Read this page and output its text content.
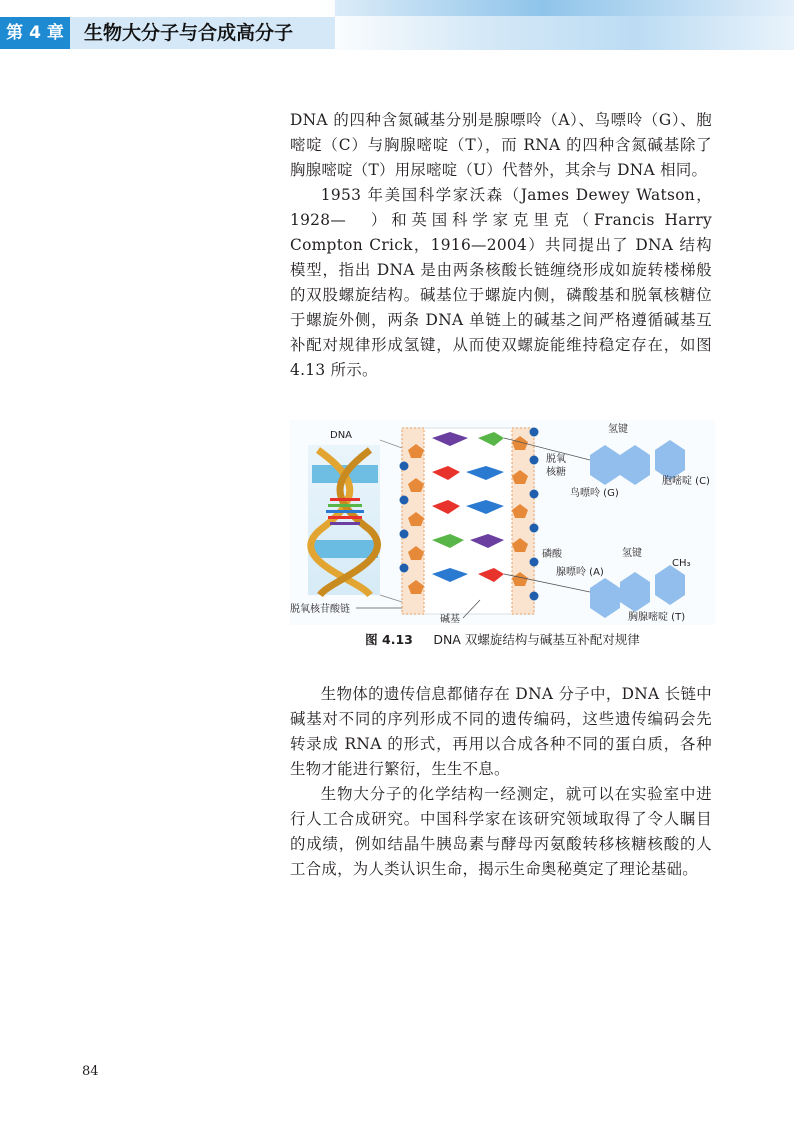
第 4 章	生物大分子与合成高分子

DNA 的四种含氮碱基分别是腺嘌呤（A）、鸟嘌呤（G）、胞嘧啶（C）与胸腺嘧啶（T），而 RNA 的四种含氮碱基除了胸腺嘧啶（T）用尿嘧啶（U）代替外，其余与 DNA 相同。

1953 年美国科学家沃森（James Dewey Watson，1928—　）和英国科学家克里克（Francis Harry Compton Crick，1916—2004）共同提出了 DNA 结构模型，指出 DNA 是由两条核酸长链缠绕形成如旋转楼梯般的双股螺旋结构。碱基位于螺旋内侧，磷酸基和脱氧核糖位于螺旋外侧，两条 DNA 单链上的碱基之间严格遵循碱基互补配对规律形成氢键，从而使双螺旋能维持稳定存在，如图 4.13 所示。

DNA
脱氧
核糖
磷酸
脱氧核苷酸链
碱基
氢键
鸟嘌呤 (G)
胞嘧啶 (C)
氢键
腺嘌呤 (A)
CH₃
胸腺嘧啶 (T)
图 4.13 　 DNA 双螺旋结构与碱基互补配对规律

生物体的遗传信息都储存在 DNA 分子中，DNA 长链中碱基对不同的序列形成不同的遗传编码，这些遗传编码会先转录成 RNA 的形式，再用以合成各种不同的蛋白质，各种生物才能进行繁衍，生生不息。

生物大分子的化学结构一经测定，就可以在实验室中进行人工合成研究。中国科学家在该研究领域取得了令人瞩目的成绩，例如结晶牛胰岛素与酵母丙氨酸转移核糖核酸的人工合成，为人类认识生命，揭示生命奥秘奠定了理论基础。

84
